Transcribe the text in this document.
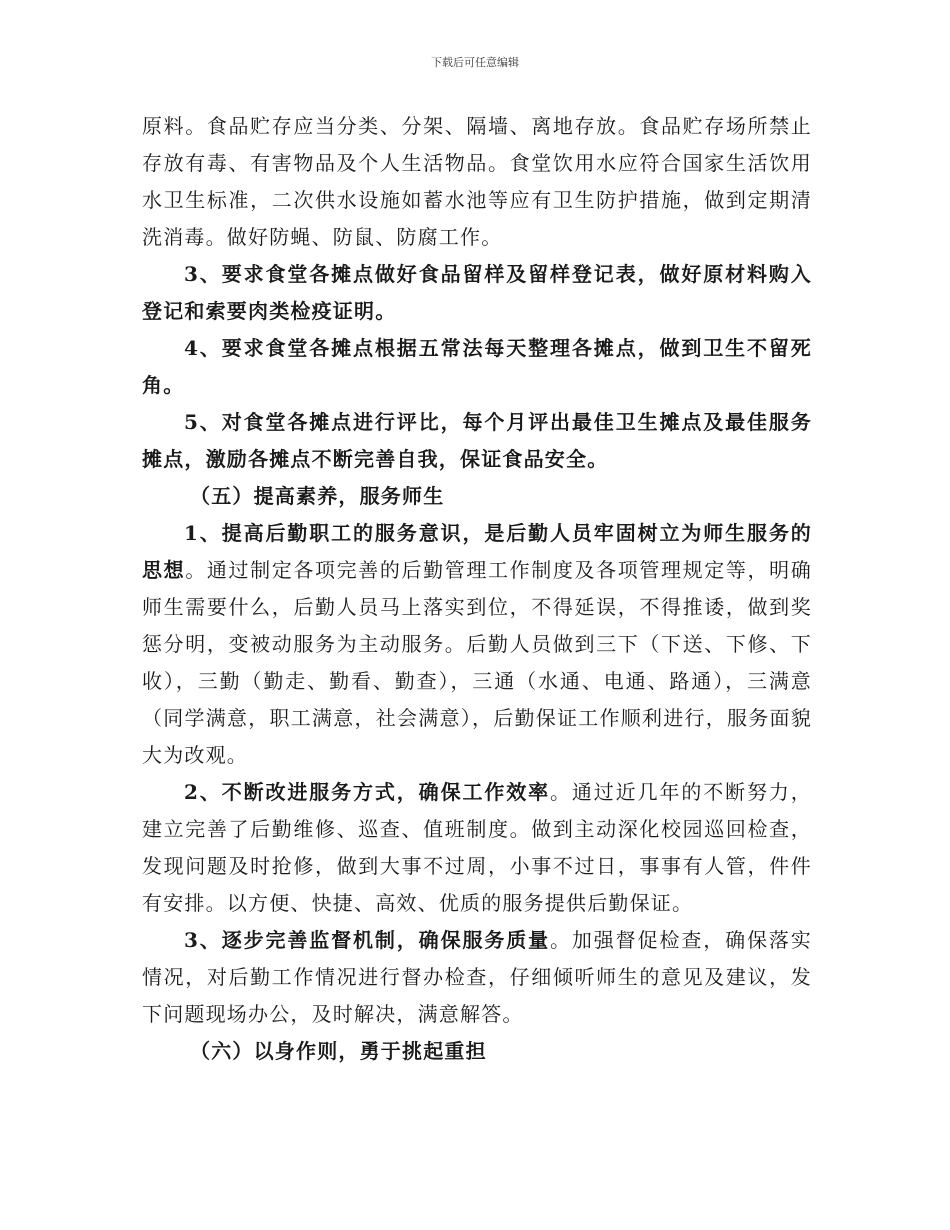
下载后可任意编辑

原料。食品贮存应当分类、分架、隔墙、离地存放。食品贮存场所禁止存放有毒、有害物品及个人生活物品。食堂饮用水应符合国家生活饮用水卫生标准，二次供水设施如蓄水池等应有卫生防护措施，做到定期清洗消毒。做好防蝇、防鼠、防腐工作。

3、要求食堂各摊点做好食品留样及留样登记表，做好原材料购入登记和索要肉类检疫证明。

4、要求食堂各摊点根据五常法每天整理各摊点，做到卫生不留死角。

5、对食堂各摊点进行评比，每个月评出最佳卫生摊点及最佳服务摊点，激励各摊点不断完善自我，保证食品安全。

（五）提高素养，服务师生

1、提高后勤职工的服务意识，是后勤人员牢固树立为师生服务的思想。通过制定各项完善的后勤管理工作制度及各项管理规定等，明确师生需要什么，后勤人员马上落实到位，不得延误，不得推诿，做到奖惩分明，变被动服务为主动服务。后勤人员做到三下（下送、下修、下收），三勤（勤走、勤看、勤查），三通（水通、电通、路通），三满意（同学满意，职工满意，社会满意），后勤保证工作顺利进行，服务面貌大为改观。

2、不断改进服务方式，确保工作效率。通过近几年的不断努力，建立完善了后勤维修、巡查、值班制度。做到主动深化校园巡回检查，发现问题及时抢修，做到大事不过周，小事不过日，事事有人管，件件有安排。以方便、快捷、高效、优质的服务提供后勤保证。

3、逐步完善监督机制，确保服务质量。加强督促检查，确保落实情况，对后勤工作情况进行督办检查，仔细倾听师生的意见及建议，发下问题现场办公，及时解决，满意解答。

（六）以身作则，勇于挑起重担
